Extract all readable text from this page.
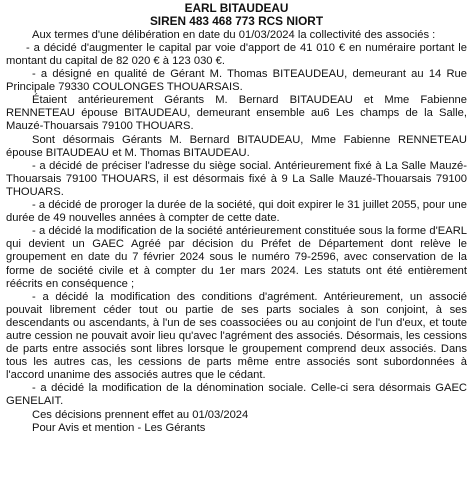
EARL BITAUDEAU
SIREN 483 468 773 RCS NIORT

Aux termes d'une délibération en date du 01/03/2024 la collectivité des associés :

- a décidé d'augmenter le capital par voie d'apport de 41 010 € en numéraire portant le montant du capital de 82 020 € à 123 030 €.

- a désigné en qualité de Gérant M. Thomas BITEAUDEAU, demeurant au 14 Rue Principale 79330 COULONGES THOUARSAIS.

Étaient antérieurement Gérants M. Bernard BITAUDEAU et Mme Fabienne RENNETEAU épouse BITAUDEAU, demeurant ensemble au6 Les champs de la Salle, Mauzé-Thouarsais 79100 THOUARS.

Sont désormais Gérants M. Bernard BITAUDEAU, Mme Fabienne RENNETEAU épouse BITAUDEAU et M. Thomas BITAUDEAU.

- a décidé de préciser l'adresse du siège social. Antérieurement fixé à La Salle Mauzé-Thouarsais 79100 THOUARS, il est désormais fixé à 9 La Salle Mauzé-Thouarsais 79100 THOUARS.

- a décidé de proroger la durée de la société, qui doit expirer le 31 juillet 2055, pour une durée de 49 nouvelles années à compter de cette date.

- a décidé la modification de la société antérieurement constituée sous la forme d'EARL qui devient un GAEC Agréé par décision du Préfet de Département dont relève le groupement en date du 7 février 2024 sous le numéro 79-2596, avec conservation de la forme de société civile et à compter du 1er mars 2024. Les statuts ont été entièrement réécrits en conséquence ;

- a décidé la modification des conditions d'agrément. Antérieurement, un associé pouvait librement céder tout ou partie de ses parts sociales à son conjoint, à ses descendants ou ascendants, à l'un de ses coassociées ou au conjoint de l'un d'eux, et toute autre cession ne pouvait avoir lieu qu'avec l'agrément des associés. Désormais, les cessions de parts entre associés sont libres lorsque le groupement comprend deux associés. Dans tous les autres cas, les cessions de parts même entre associés sont subordonnées à l'accord unanime des associés autres que le cédant.

- a décidé la modification de la dénomination sociale. Celle-ci sera désormais GAEC GENELAIT.

Ces décisions prennent effet au 01/03/2024

Pour Avis et mention - Les Gérants
